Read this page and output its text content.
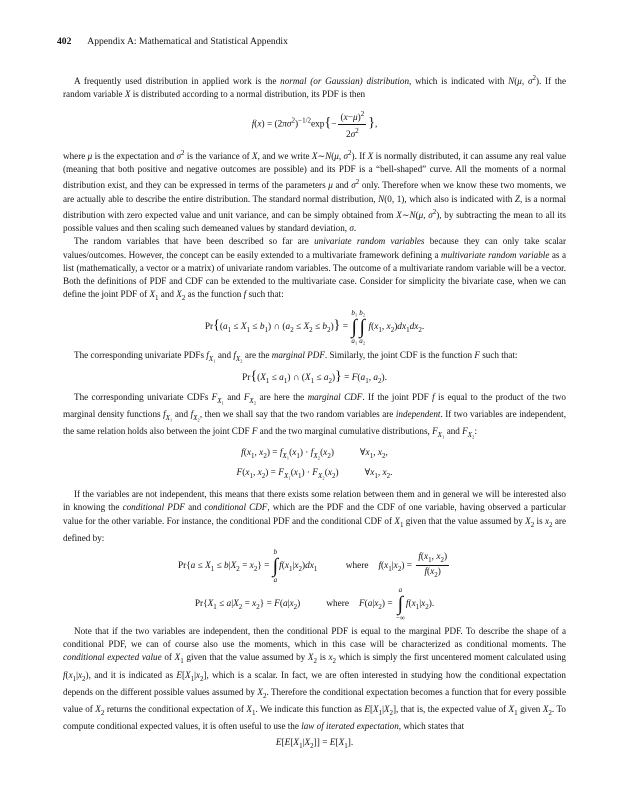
402 Appendix A: Mathematical and Statistical Appendix

A frequently used distribution in applied work is the normal (or Gaussian) distribution, which is indicated with N(μ, $\sigma^2$). If the random variable X is distributed according to a normal distribution, its PDF is then

$f(x) = (2\pi\sigma^2)^{-1/2}\exp\{- \frac{(x-\mu)^2}{2\sigma^2}$ },

where μ is the expectation and $\sigma^2$ is the variance of X, and we write X∼N(μ, $\sigma^2$). If X is normally distributed, it can assume any real value (meaning that both positive and negative outcomes are possible) and its PDF is a “bell-shaped” curve. All the moments of a normal distribution exist, and they can be expressed in terms of the parameters μ and $\sigma^2$ only. Therefore when we know these two moments, we are actually able to describe the entire distribution. The standard normal distribution, N(0, 1), which also is indicated with Z, is a normal distribution with zero expected value and unit variance, and can be simply obtained from X∼N(μ, $\sigma^2$), by subtracting the mean to all its possible values and then scaling such demeaned values by standard deviation, σ.

The random variables that have been described so far are univariate random variables because they can only take scalar values/outcomes. However, the concept can be easily extended to a multivariate framework defining a multivariate random variable as a list (mathematically, a vector or a matrix) of univariate random variables. The outcome of a multivariate random variable will be a vector. Both the definitions of PDF and CDF can be extended to the multivariate case. Consider for simplicity the bivariate case, when we can define the joint PDF of $X_1$ and $X_2$ as the function f such that:

$Pr\{(a_1 \le X_1 \le b_1)$ ∩ $(a_2 \le X_2 \le b_2)\} = b_1$
∫
a₁b₂
∫
a₂ $f(x_1$, $x_2)dx_1dx_2$.

The corresponding univariate PDFs $f_{X_1}$ and $f_{X_2}$ are the marginal PDF. Similarly, the joint CDF is the function F such that:

$Pr\{(X_1 \le a_1)$ ∩ $(X_1 \le a_2)\} = F(a_1$, $a_2$).

The corresponding univariate CDFs $F_{X_1}$ and $F_{X_2}$ are here the marginal CDF. If the joint PDF f is equal to the product of the two marginal density functions $f_{X_1}$ and $f_{X_2}$, then we shall say that the two random variables are independent. If two variables are independent, the same relation holds also between the joint CDF F and the two marginal cumulative distributions, $F_{X_1}$ and $F_{X_2}$:

$f(x_1$, $x_2) = f_{X_1}(x_1) \cdot f_{X_2}(x_2)$	$\forall x_1$, $x_2$,
$F(x_1$, $x_2) = F_{X_1}(x_1) \cdot F_{X_2}(x_2)$	$\forall x_1$, $x_2$.

If the variables are not independent, this means that there exists some relation between them and in general we will be interested also in knowing the conditional PDF and conditional CDF, which are the PDF and the CDF of one variable, having observed a particular value for the other variable. For instance, the conditional PDF and the conditional CDF of $X_1$ given that the value assumed by $X_2$ is $x_2$ are defined by:

$Pr\{a \le X_1 \le b|X_2 = x_2\} = b$
∫
$af(x_1|x_2)dx_1$	where $f(x_1|x_2) = \frac{f(x_1, x_2)}{f(x_2)}$
$Pr\{X_1 \le a|X_2 = x_2\} = F(a|x_2)$	where $F(a|x_2) = a$
∫
$-\infty f(x_1|x_2)$.

Note that if the two variables are independent, then the conditional PDF is equal to the marginal PDF. To describe the shape of a conditional PDF, we can of course also use the moments, which in this case will be characterized as conditional moments. The conditional expected value of $X_1$ given that the value assumed by $X_2$ is $x_2$ which is simply the first uncentered moment calculated using $f(x_1|x_2)$, and it is indicated as $E[X_1|x_2]$, which is a scalar. In fact, we are often interested in studying how the conditional expectation depends on the different possible values assumed by $X_2$. Therefore the conditional expectation becomes a function that for every possible value of $X_2$ returns the conditional expectation of $X_1$. We indicate this function as $E[X_1|X_2]$, that is, the expected value of $X_1$ given $X_2$. To compute conditional expected values, it is often useful to use the law of iterated expectation, which states that

$E[E[X_1|X_2]] = E[X_1]$.
